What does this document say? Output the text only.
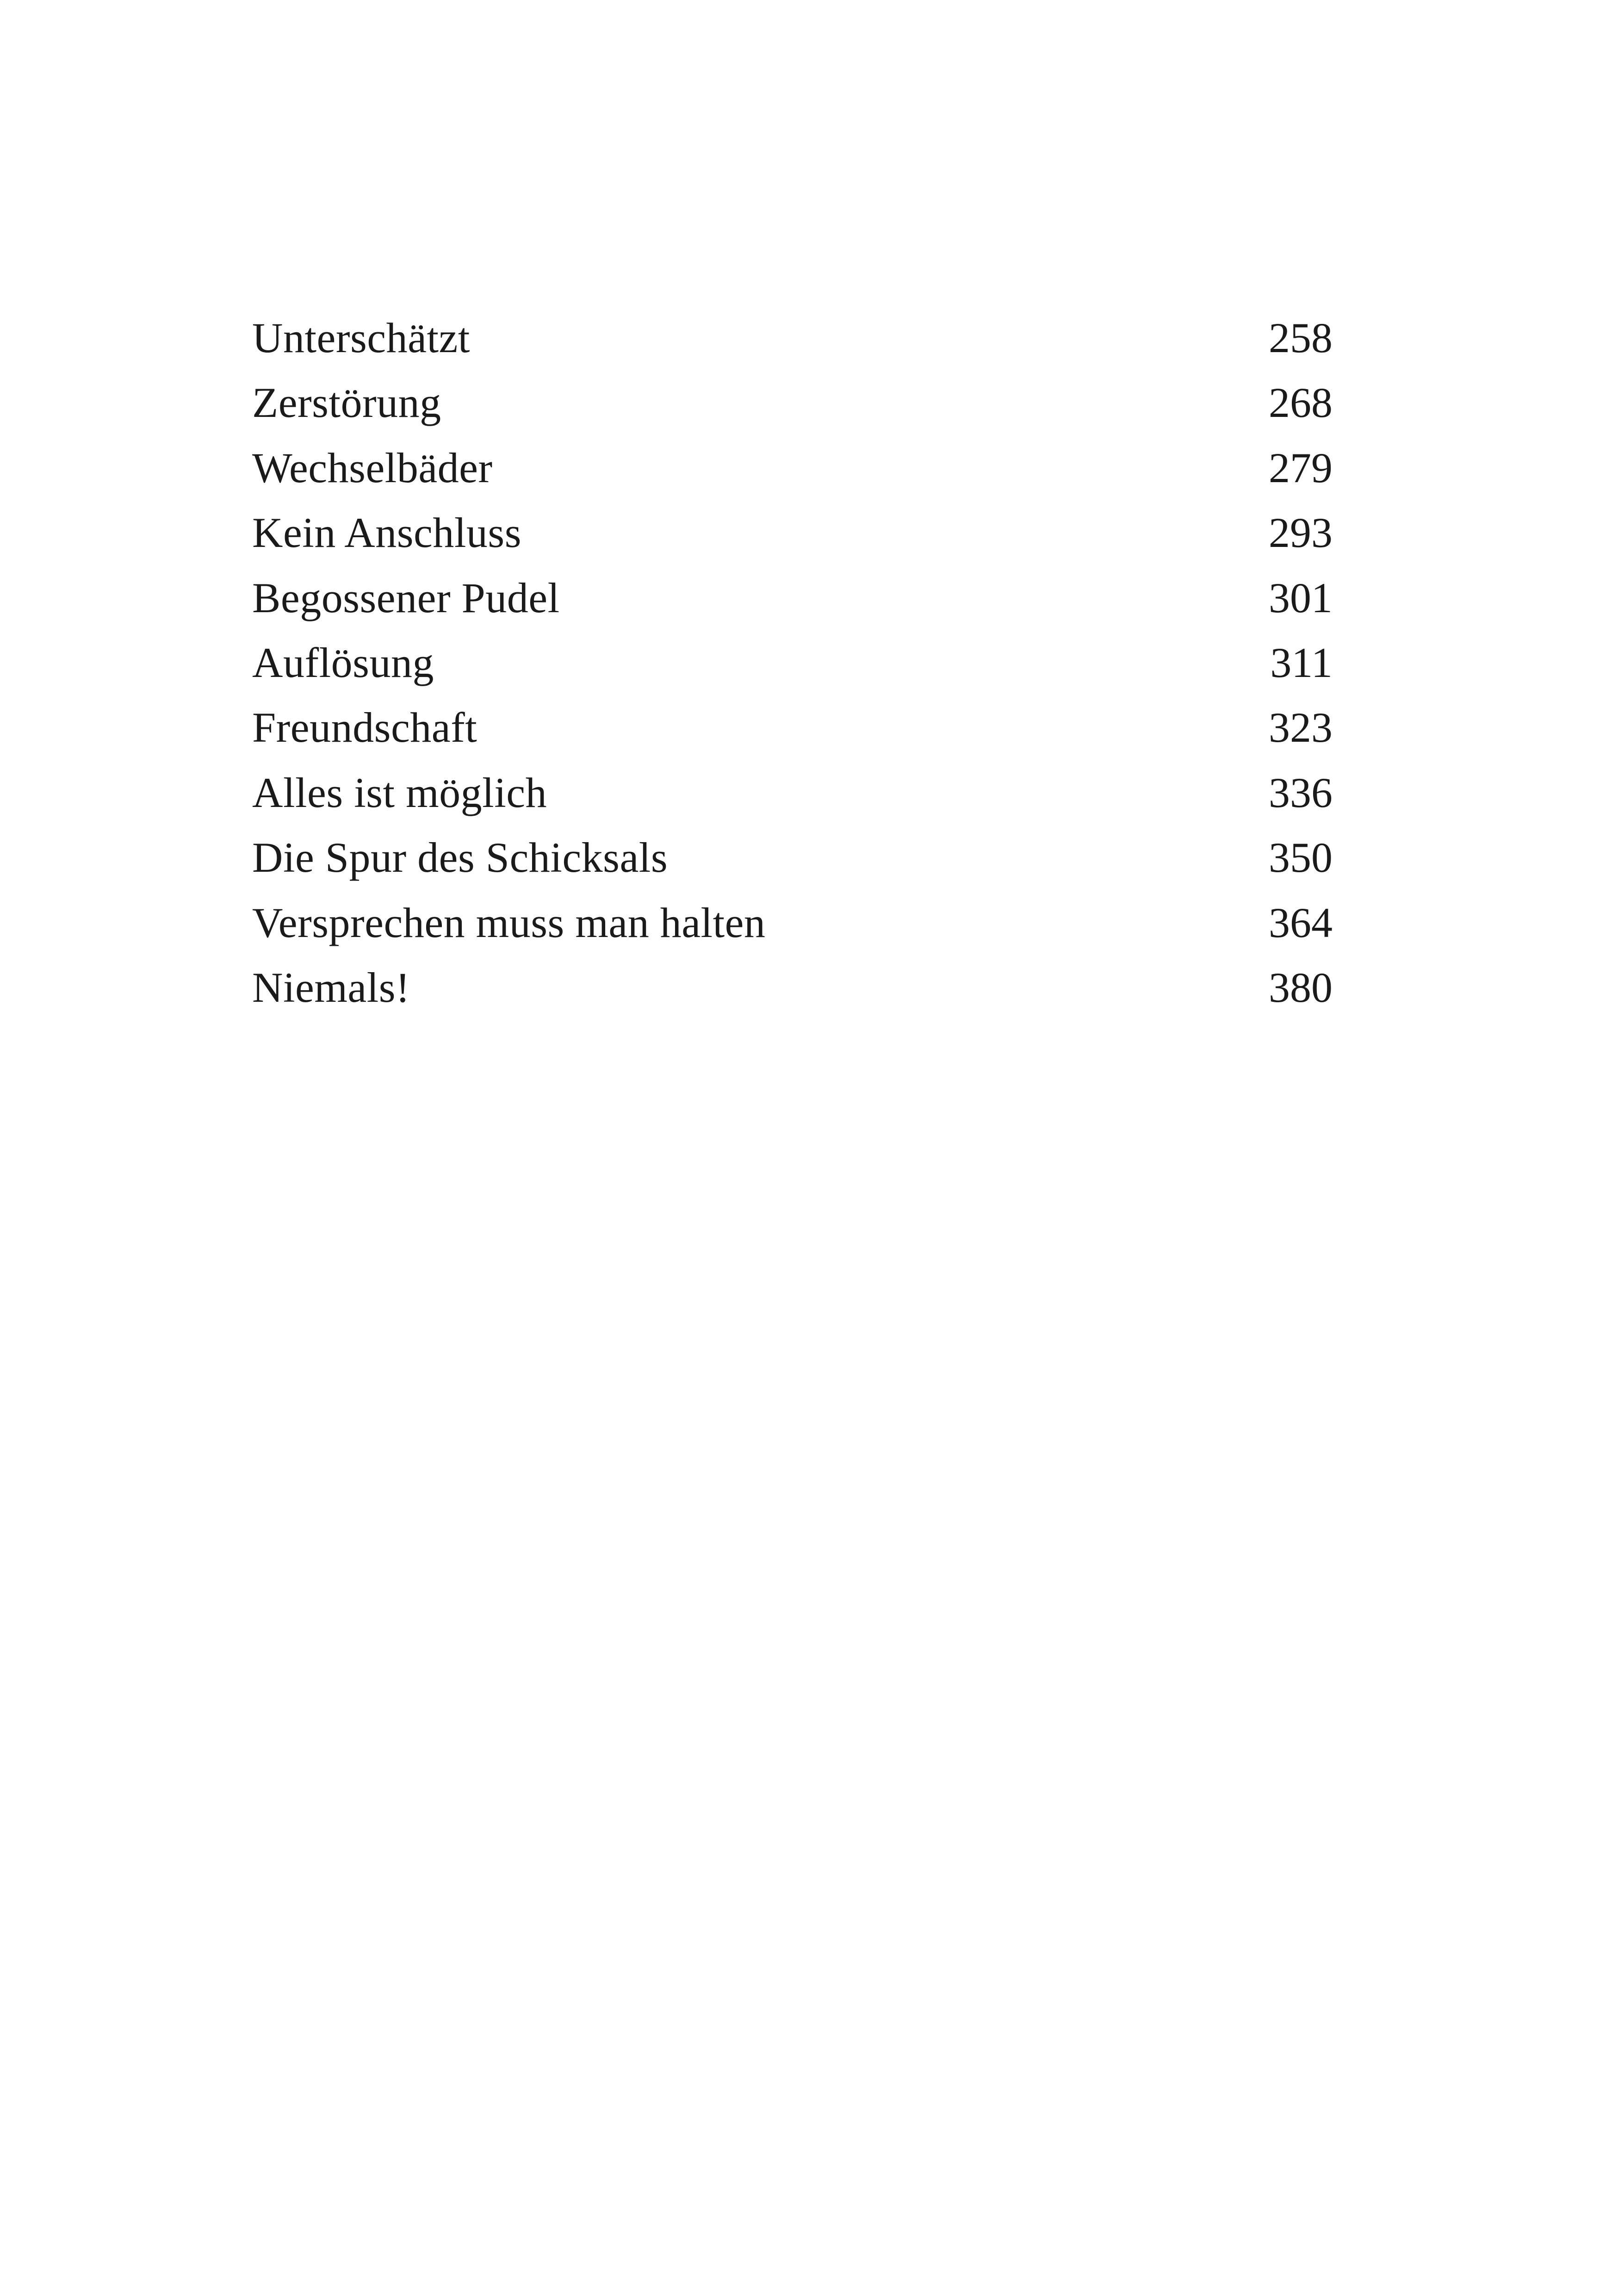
Unterschätzt	258
Zerstörung	268
Wechselbäder	279
Kein Anschluss	293
Begossener Pudel	301
Auflösung	311
Freundschaft	323
Alles ist möglich	336
Die Spur des Schicksals	350
Versprechen muss man halten	364
Niemals!	380
